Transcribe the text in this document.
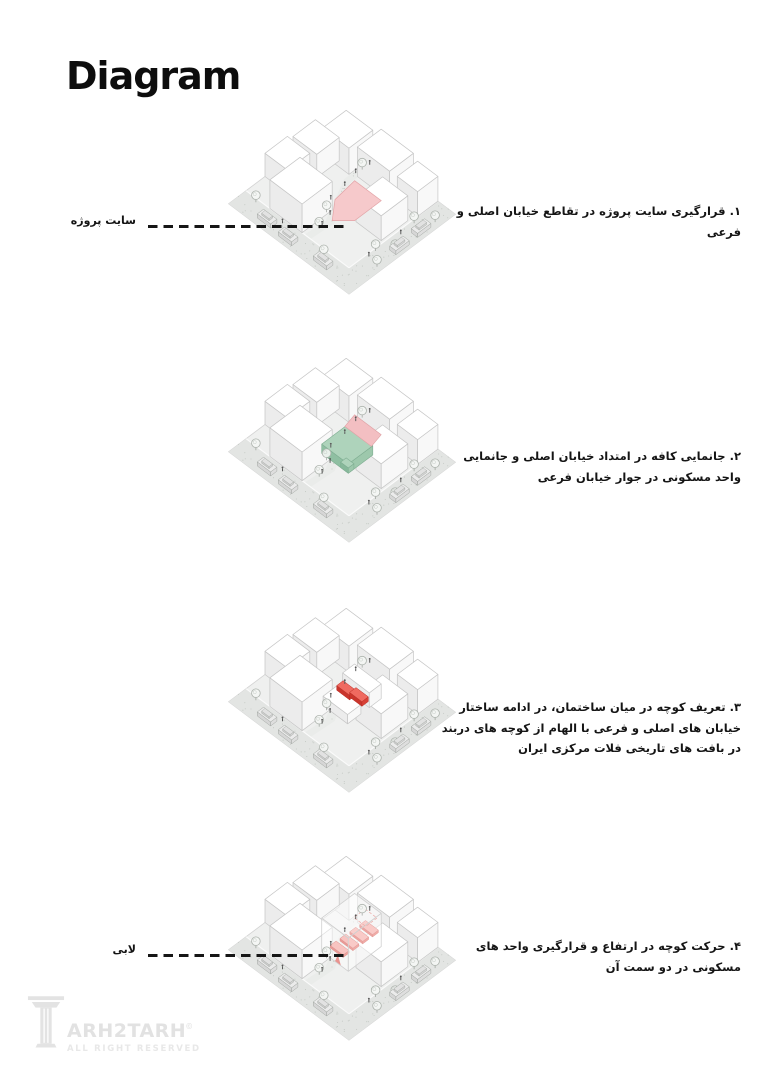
Diagram
۱. قرارگیری سایت پروژه در تقاطع خیابان اصلی و فرعی
۲. جانمایی کافه در امتداد خیابان اصلی و جانمایی واحد مسکونی در جوار خیابان فرعی
۳. تعریف کوچه در میان ساختمان، در ادامه ساختار خیابان های اصلی و فرعی با الهام از کوچه های دربند در بافت های تاریخی فلات مرکزی ایران
۴. حرکت کوچه در ارتفاع و قرارگیری واحد های مسکونی در دو سمت آن
سایت پروژه
لابی
ARH2TARH©
ALL RIGHT RESERVED
